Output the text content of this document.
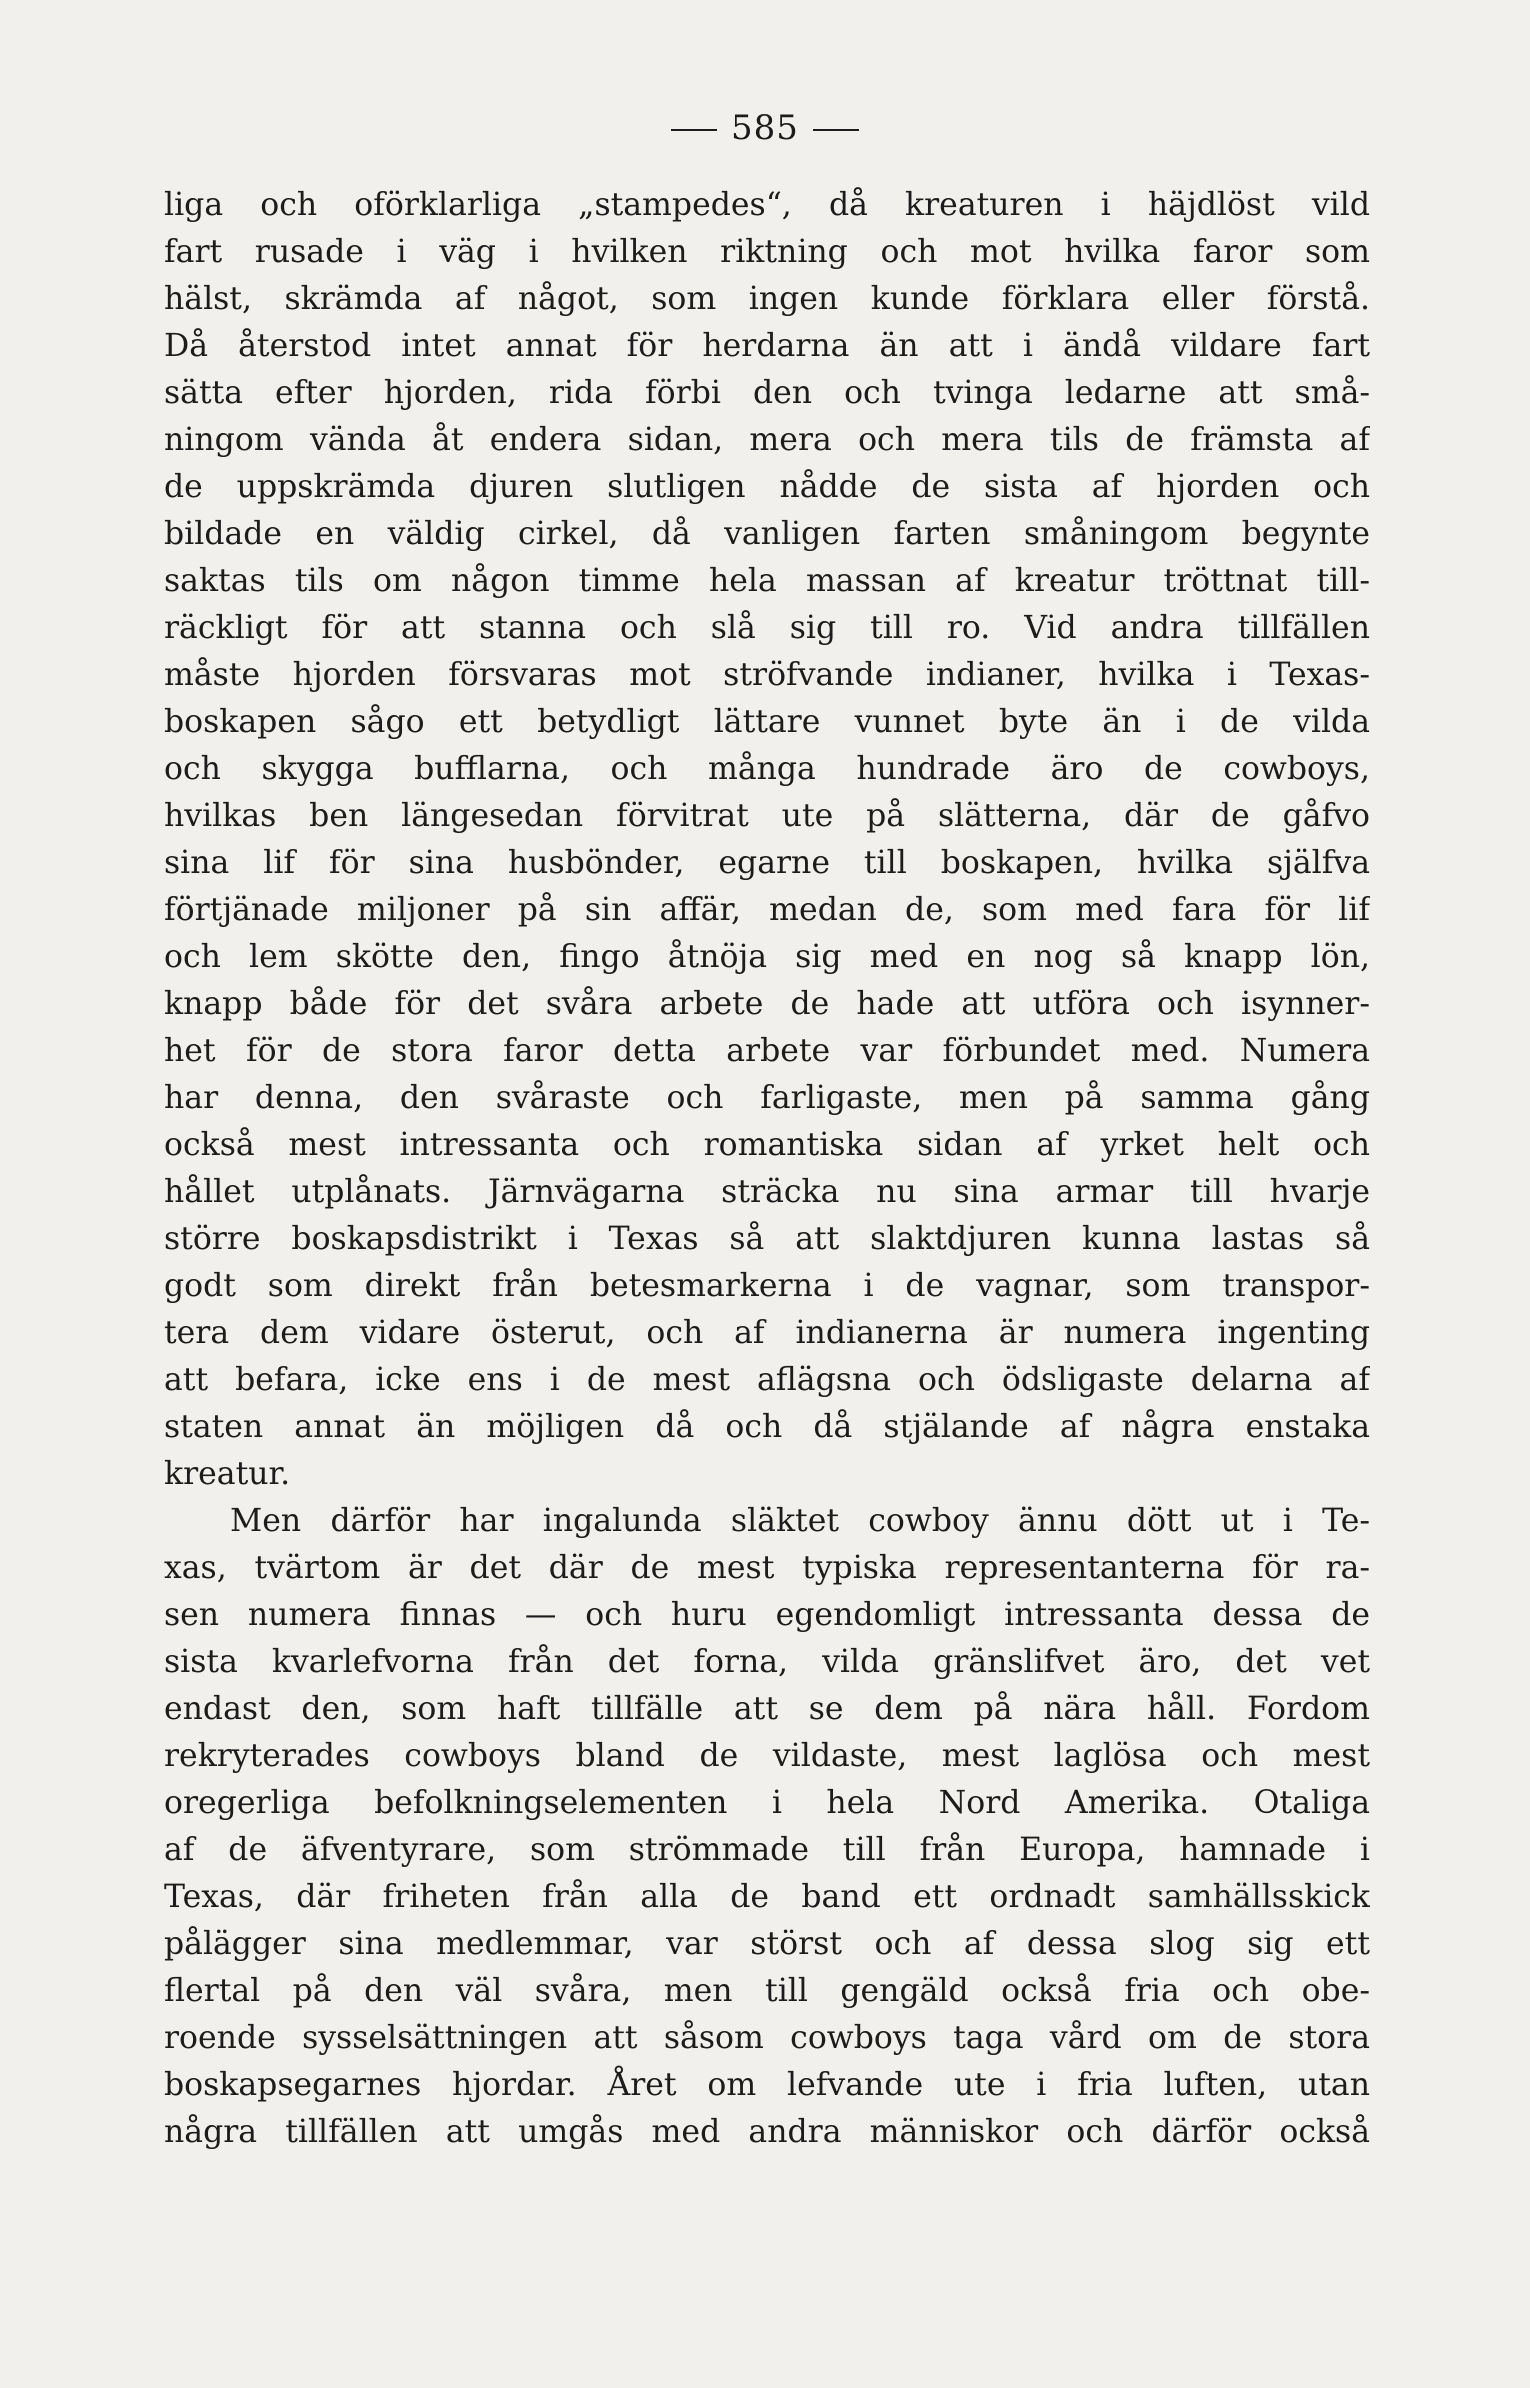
585
liga och oförklarliga „stampedes“, då kreaturen i häjdlöst vild
fart rusade i väg i hvilken riktning och mot hvilka faror som
hälst, skrämda af något, som ingen kunde förklara eller förstå.
Då återstod intet annat för herdarna än att i ändå vildare fart
sätta efter hjorden, rida förbi den och tvinga ledarne att små-
ningom vända åt endera sidan, mera och mera tils de främsta af
de uppskrämda djuren slutligen nådde de sista af hjorden och
bildade en väldig cirkel, då vanligen farten småningom begynte
saktas tils om någon timme hela massan af kreatur tröttnat till-
räckligt för att stanna och slå sig till ro. Vid andra tillfällen
måste hjorden försvaras mot ströfvande indianer, hvilka i Texas-
boskapen sågo ett betydligt lättare vunnet byte än i de vilda
och skygga bufflarna, och många hundrade äro de cowboys,
hvilkas ben längesedan förvitrat ute på slätterna, där de gåfvo
sina lif för sina husbönder, egarne till boskapen, hvilka själfva
förtjänade miljoner på sin affär, medan de, som med fara för lif
och lem skötte den, fingo åtnöja sig med en nog så knapp lön,
knapp både för det svåra arbete de hade att utföra och isynner-
het för de stora faror detta arbete var förbundet med. Numera
har denna, den svåraste och farligaste, men på samma gång
också mest intressanta och romantiska sidan af yrket helt och
hållet utplånats. Järnvägarna sträcka nu sina armar till hvarje
större boskapsdistrikt i Texas så att slaktdjuren kunna lastas så
godt som direkt från betesmarkerna i de vagnar, som transpor-
tera dem vidare österut, och af indianerna är numera ingenting
att befara, icke ens i de mest aflägsna och ödsligaste delarna af
staten annat än möjligen då och då stjälande af några enstaka
kreatur.
Men därför har ingalunda släktet cowboy ännu dött ut i Te-
xas, tvärtom är det där de mest typiska representanterna för ra-
sen numera finnas — och huru egendomligt intressanta dessa de
sista kvarlefvorna från det forna, vilda gränslifvet äro, det vet
endast den, som haft tillfälle att se dem på nära håll. Fordom
rekryterades cowboys bland de vildaste, mest laglösa och mest
oregerliga befolkningselementen i hela Nord Amerika. Otaliga
af de äfventyrare, som strömmade till från Europa, hamnade i
Texas, där friheten från alla de band ett ordnadt samhällsskick
pålägger sina medlemmar, var störst och af dessa slog sig ett
flertal på den väl svåra, men till gengäld också fria och obe-
roende sysselsättningen att såsom cowboys taga vård om de stora
boskapsegarnes hjordar. Året om lefvande ute i fria luften, utan
några tillfällen att umgås med andra människor och därför också
